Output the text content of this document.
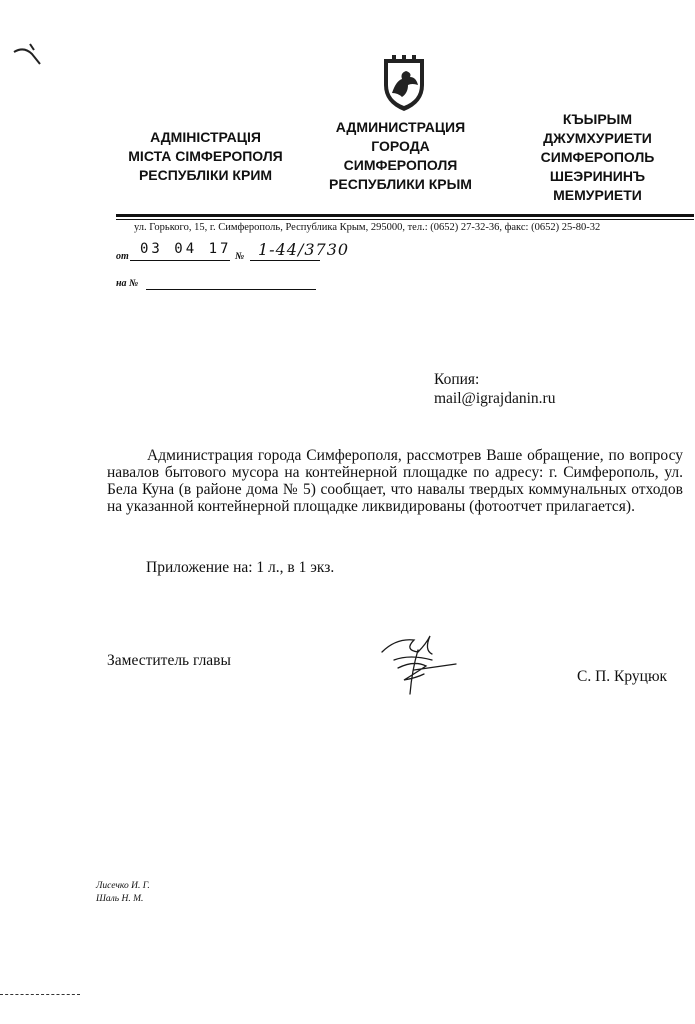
АДМІНІСТРАЦІЯ
МІСТА СІМФЕРОПОЛЯ
РЕСПУБЛІКИ КРИМ
АДМИНИСТРАЦИЯ
ГОРОДА
СИМФЕРОПОЛЯ
РЕСПУБЛИКИ КРЫМ
КЪЫРЫМ
ДЖУМХУРИЕТИ
СИМФЕРОПОЛЬ
ШЕЭРИНИНЪ
МЕМУРИЕТИ
ул. Горького, 15, г. Симферополь, Республика Крым, 295000, тел.: (0652) 27-32-36, факс: (0652) 25-80-32
от 03 04 17 № 1-44/3730
на №
Копия:
mail@igrajdanin.ru
Администрация города Симферополя, рассмотрев Ваше обращение, по вопросу навалов бытового мусора на контейнерной площадке по адресу: г. Симферополь, ул. Бела Куна (в районе дома № 5) сообщает, что навалы твердых коммунальных отходов на указанной контейнерной площадке ликвидированы (фотоотчет прилагается).
Приложение на: 1 л., в 1 экз.
Заместитель главы
С. П. Круцюк
Лисечко И. Г.
Шаль Н. М.
